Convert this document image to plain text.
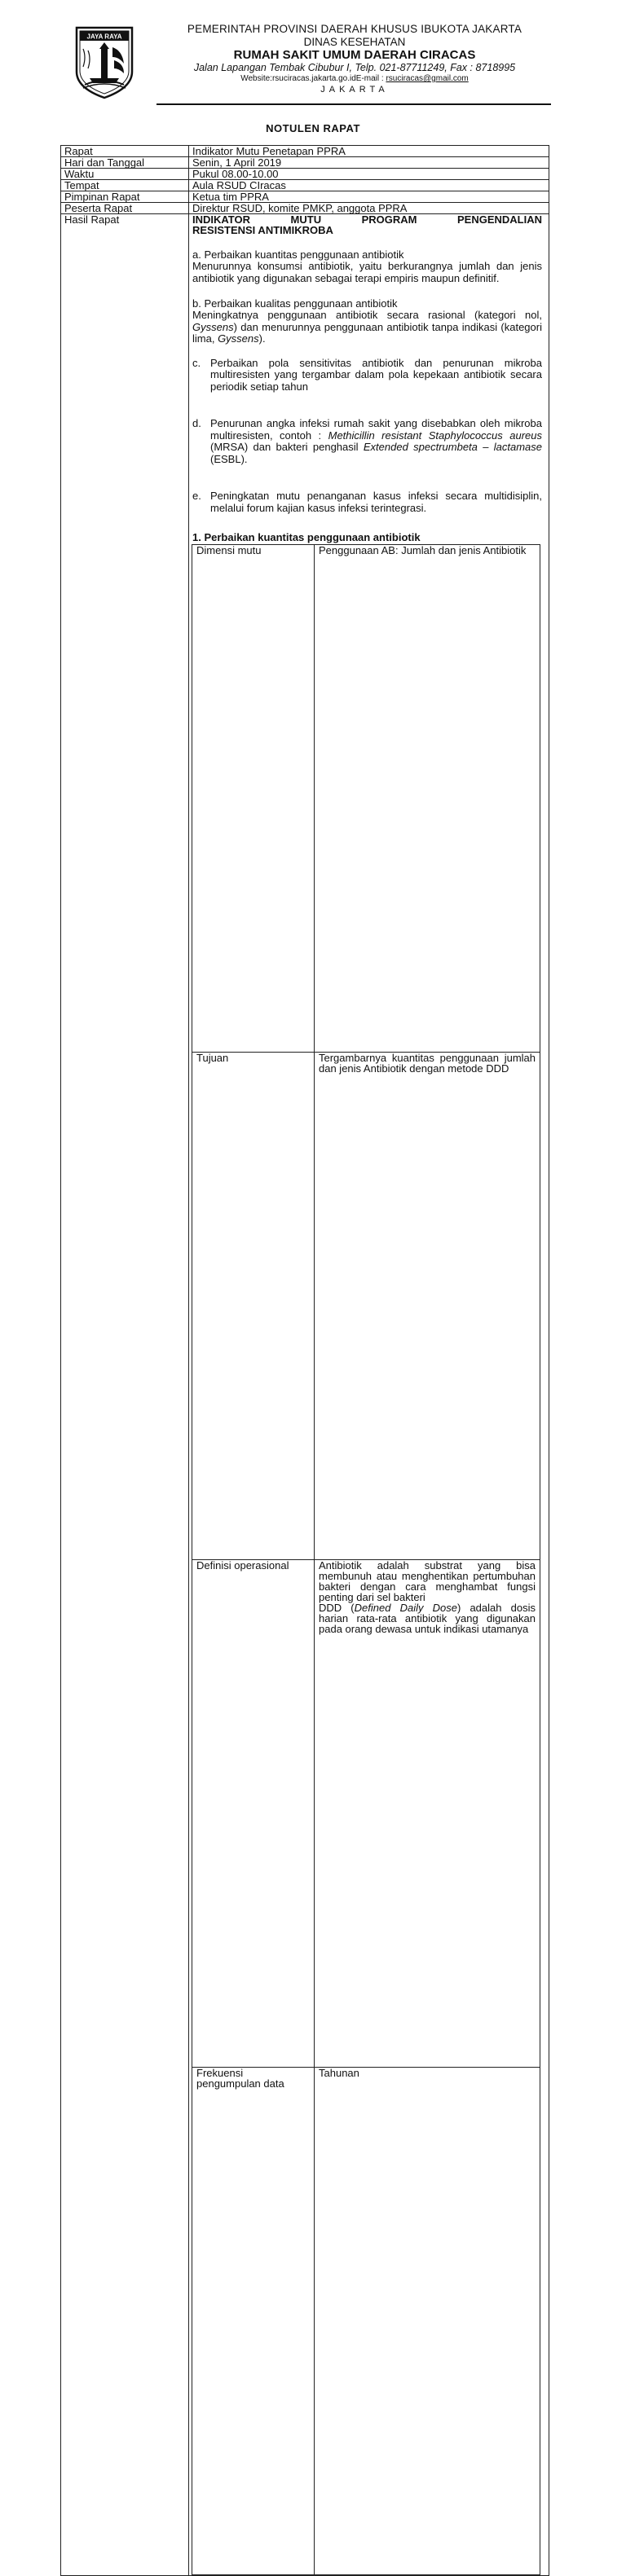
JAYA RAYA
PEMERINTAH PROVINSI DAERAH KHUSUS IBUKOTA JAKARTA
DINAS KESEHATAN
RUMAH SAKIT UMUM DAERAH CIRACAS
Jalan Lapangan Tembak Cibubur I, Telp. 021-87711249, Fax : 8718995
Website:rsuciracas.jakarta.go.idE-mail : rsuciracas@gmail.com
JAKARTA
NOTULEN RAPAT
Rapat	Indikator Mutu Penetapan PPRA
Hari dan Tanggal	Senin, 1 April 2019
Waktu	Pukul 08.00-10.00
Tempat	Aula RSUD CIracas
Pimpinan Rapat	Ketua tim PPRA
Peserta Rapat	Direktur RSUD, komite PMKP, anggota PPRA
Hasil Rapat	INDIKATOR MUTU PROGRAM PENGENDALIAN
RESISTENSI ANTIMIKROBA
a. Perbaikan kuantitas penggunaan antibiotik
Menurunnya konsumsi antibiotik, yaitu berkurangnya jumlah dan jenis antibiotik yang digunakan sebagai terapi empiris maupun definitif.
b. Perbaikan kualitas penggunaan antibiotik
Meningkatnya penggunaan antibiotik secara rasional (kategori nol, Gyssens) dan menurunnya penggunaan antibiotik tanpa indikasi (kategori lima, Gyssens).
c. Perbaikan pola sensitivitas antibiotik dan penurunan mikroba multiresisten yang tergambar dalam pola kepekaan antibiotik secara periodik setiap tahun
d. Penurunan angka infeksi rumah sakit yang disebabkan oleh mikroba multiresisten, contoh : Methicillin resistant Staphylococcus aureus (MRSA) dan bakteri penghasil Extended spectrumbeta – lactamase (ESBL).
e. Peningkatan mutu penanganan kasus infeksi secara multidisiplin, melalui forum kajian kasus infeksi terintegrasi.
1. Perbaikan kuantitas penggunaan antibiotik
Dimensi mutu	Penggunaan AB: Jumlah dan jenis Antibiotik
Tujuan	Tergambarnya kuantitas penggunaan jumlah dan jenis Antibiotik dengan metode DDD
Definisi operasional	Antibiotik adalah substrat yang bisa membunuh atau menghentikan pertumbuhan bakteri dengan cara menghambat fungsi penting dari sel bakteri
DDD (Defined Daily Dose) adalah dosis harian rata-rata antibiotik yang digunakan pada orang dewasa untuk indikasi utamanya

Frekuensi pengumpulan data	Tahunan
